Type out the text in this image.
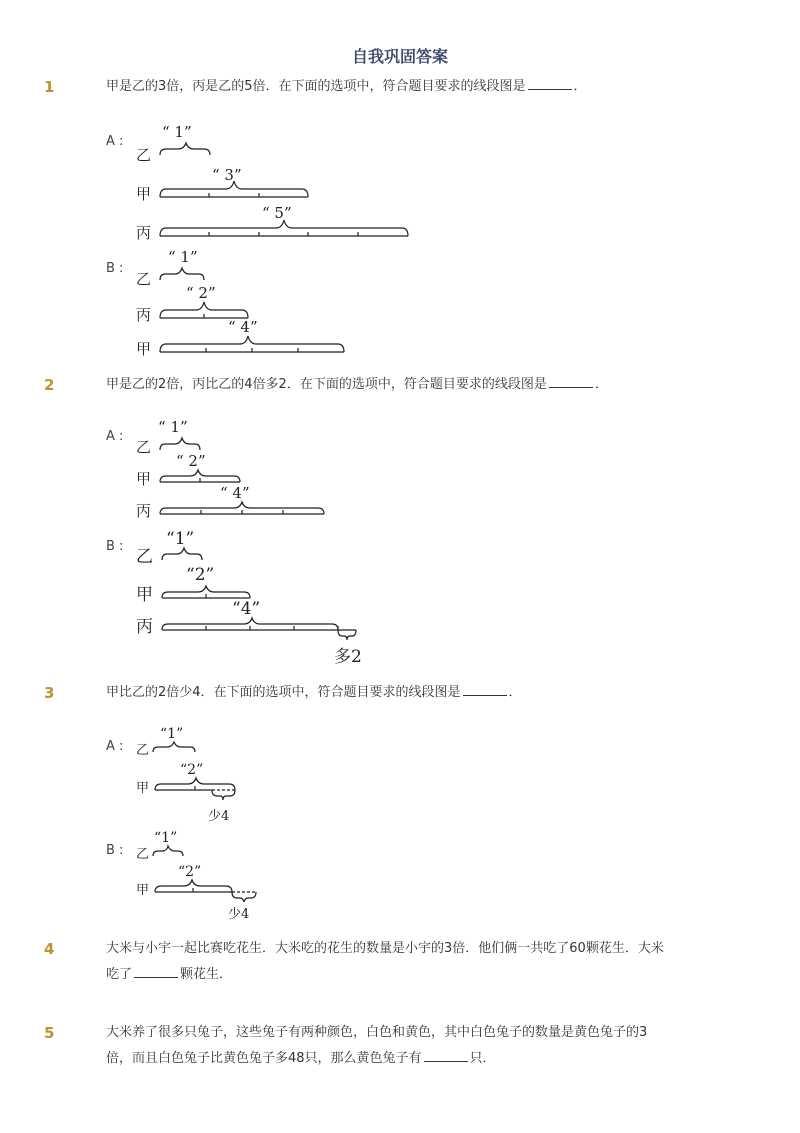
自我巩固答案
1	甲是乙的3倍，丙是乙的5倍．在下面的选项中，符合题目要求的线段图是	．
A :
乙
“ 1”
甲
“ 3”
丙
“ 5”
B :
乙
“ 1”
丙
“ 2”
甲
“ 4”
2	甲是乙的2倍，丙比乙的4倍多2．在下面的选项中，符合题目要求的线段图是	．
A :
乙
“ 1”
甲
“ 2”
丙
“ 4”
B :
乙
“1”
甲
“2”
丙
“4”
多2
3	甲比乙的2倍少4．在下面的选项中，符合题目要求的线段图是	．
A : 乙
“1”
甲
“2”
少4
B : 乙
“1”
甲
“2”
少4
4	大米与小宇一起比赛吃花生．大米吃的花生的数量是小宇的3倍．他们俩一共吃了60颗花生．大米
吃了	颗花生．
5	大米养了很多只兔子，这些兔子有两种颜色，白色和黄色，其中白色兔子的数量是黄色兔子的3
倍，而且白色兔子比黄色兔子多48只，那么黄色兔子有	只．
